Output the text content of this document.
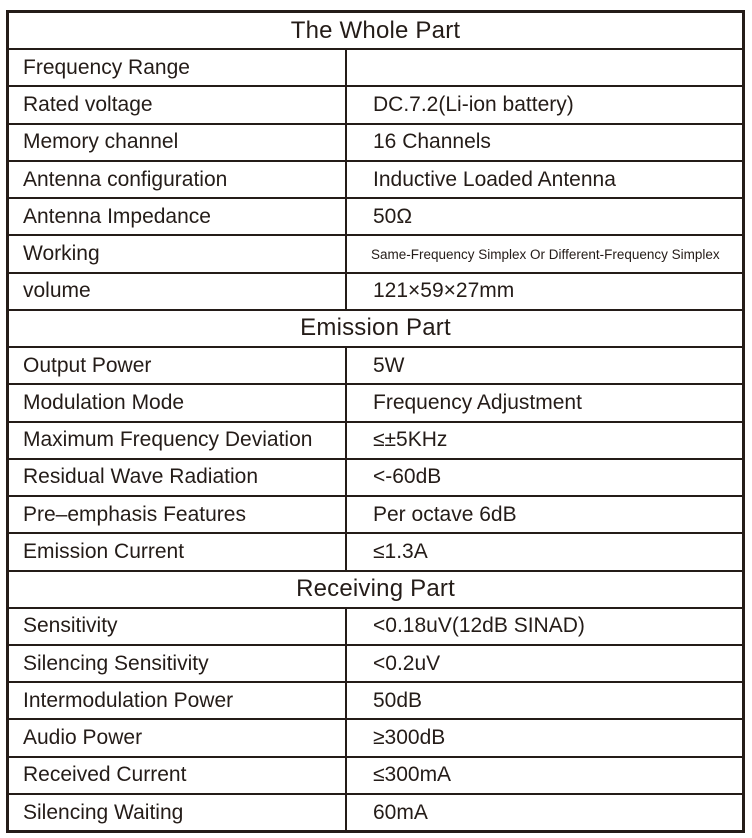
The Whole Part
Frequency Range
Rated voltage	DC.7.2(Li-ion battery)
Memory channel	16 Channels
Antenna configuration	Inductive Loaded Antenna
Antenna Impedance	50Ω
Working	Same-Frequency Simplex Or Different-Frequency Simplex
volume	121×59×27mm
Emission Part
Output Power	5W
Modulation Mode	Frequency Adjustment
Maximum Frequency Deviation	≤±5KHz
Residual Wave Radiation	<-60dB
Pre–emphasis Features	Per octave 6dB
Emission Current	≤1.3A
Receiving Part
Sensitivity	<0.18uV(12dB SINAD)
Silencing Sensitivity	<0.2uV
Intermodulation Power	50dB
Audio Power	≥300dB
Received Current	≤300mA
Silencing Waiting	60mA
